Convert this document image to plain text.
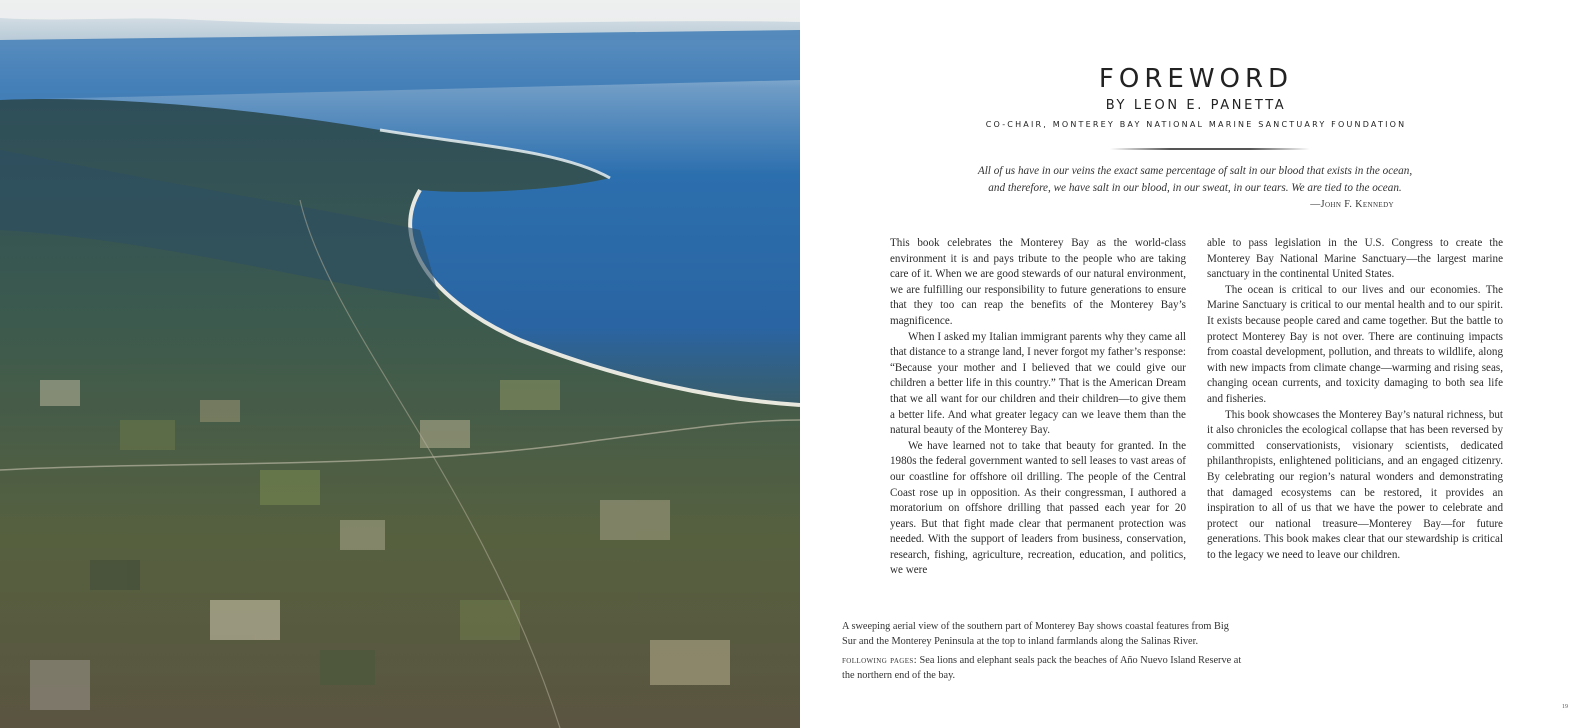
FOREWORD
BY LEON E. PANETTA
CO-CHAIR, MONTEREY BAY NATIONAL MARINE SANCTUARY FOUNDATION
All of us have in our veins the exact same percentage of salt in our blood that exists in the ocean,
and therefore, we have salt in our blood, in our sweat, in our tears. We are tied to the ocean.
—John F. Kennedy

This book celebrates the Monterey Bay as the world-class environment it is and pays tribute to the people who are taking care of it. When we are good stewards of our natural environment, we are fulfilling our responsibility to future generations to ensure that they too can reap the benefits of the Monterey Bay’s magnificence.

When I asked my Italian immigrant parents why they came all that distance to a strange land, I never forgot my father’s response: “Because your mother and I believed that we could give our children a better life in this country.” That is the American Dream that we all want for our children and their children—to give them a better life. And what greater legacy can we leave them than the natural beauty of the Monterey Bay.

We have learned not to take that beauty for granted. In the 1980s the federal government wanted to sell leases to vast areas of our coastline for offshore oil drilling. The people of the Central Coast rose up in opposition. As their congressman, I authored a moratorium on offshore drilling that passed each year for 20 years. But that fight made clear that permanent protection was needed. With the support of leaders from business, conservation, research, fishing, agriculture, recreation, education, and politics, we were

able to pass legislation in the U.S. Congress to create the Monterey Bay National Marine Sanctuary—the largest marine sanctuary in the continental United States.

The ocean is critical to our lives and our economies. The Marine Sanctuary is critical to our mental health and to our spirit. It exists because people cared and came together. But the battle to protect Monterey Bay is not over. There are continuing impacts from coastal development, pollution, and threats to wildlife, along with new impacts from climate change—warming and rising seas, changing ocean currents, and toxicity damaging to both sea life and fisheries.

This book showcases the Monterey Bay’s natural richness, but it also chronicles the ecological collapse that has been reversed by committed conservationists, visionary scientists, dedicated philanthropists, enlightened politicians, and an engaged citizenry. By celebrating our region’s natural wonders and demonstrating that damaged ecosystems can be restored, it provides an inspiration to all of us that we have the power to celebrate and protect our national treasure—Monterey Bay—for future generations. This book makes clear that our stewardship is critical to the legacy we need to leave our children.

A sweeping aerial view of the southern part of Monterey Bay shows coastal features from Big Sur and the Monterey Peninsula at the top to inland farmlands along the Salinas River.

following pages: Sea lions and elephant seals pack the beaches of Año Nuevo Island Reserve at the northern end of the bay.

19
